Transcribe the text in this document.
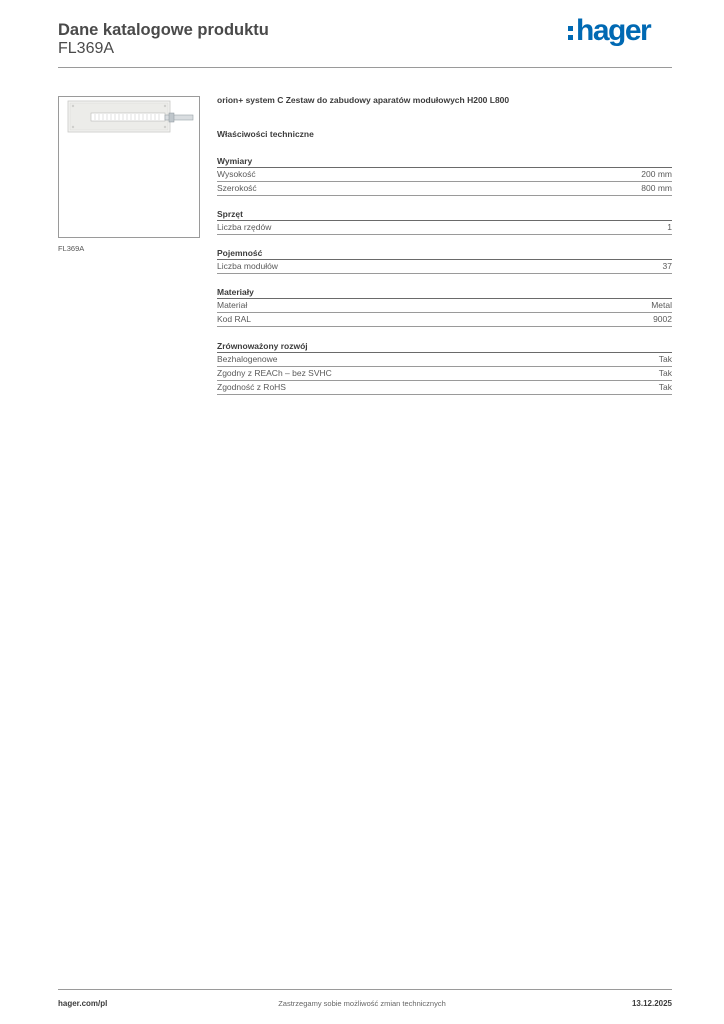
Dane katalogowe produktu
FL369A
hager
FL369A
orion+ system C Zestaw do zabudowy aparatów modułowych H200 L800
Właściwości techniczne
Wymiary
Wysokość	200 mm
Szerokość	800 mm
Sprzęt
Liczba rzędów	1
Pojemność
Liczba modułów	37
Materiały
Materiał	Metal
Kod RAL	9002
Zrównoważony rozwój
Bezhalogenowe	Tak
Zgodny z REACh – bez SVHC	Tak
Zgodność z RoHS	Tak
hager.com/pl	Zastrzegamy sobie możliwość zmian technicznych	13.12.2025
